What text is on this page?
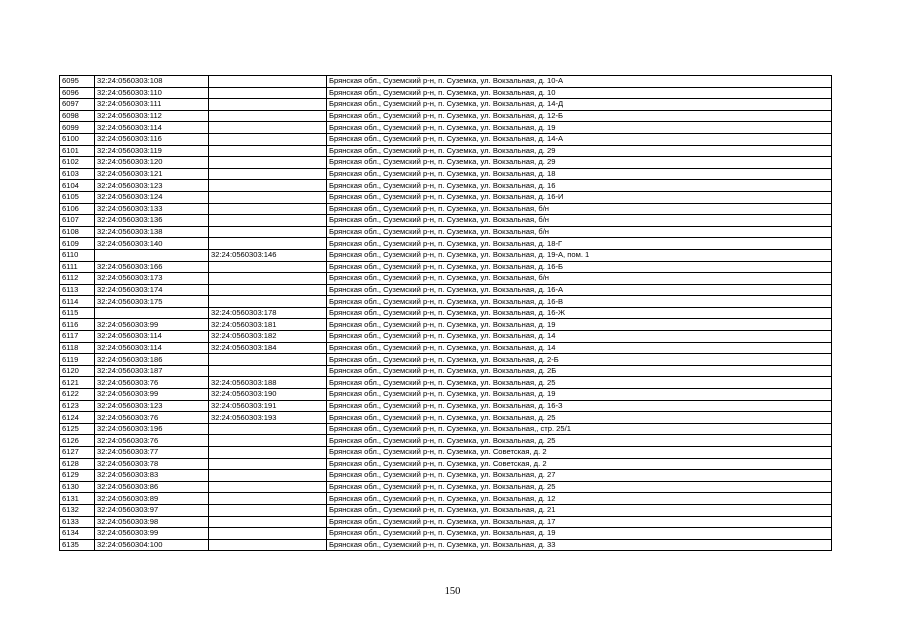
6095	32:24:0560303:108		Брянская обл., Суземский р-н, п. Суземка, ул. Вокзальная, д. 10-А
6096	32:24:0560303:110		Брянская обл., Суземский р-н, п. Суземка, ул. Вокзальная, д. 10
6097	32:24:0560303:111		Брянская обл., Суземский р-н, п. Суземка, ул. Вокзальная, д. 14-Д
6098	32:24:0560303:112		Брянская обл., Суземский р-н, п. Суземка, ул. Вокзальная, д. 12-Б
6099	32:24:0560303:114		Брянская обл., Суземский р-н, п. Суземка, ул. Вокзальная, д. 19
6100	32:24:0560303:116		Брянская обл., Суземский р-н, п. Суземка, ул. Вокзальная, д. 14-А
6101	32:24:0560303:119		Брянская обл., Суземский р-н, п. Суземка, ул. Вокзальная, д. 29
6102	32:24:0560303:120		Брянская обл., Суземский р-н, п. Суземка, ул. Вокзальная, д. 29
6103	32:24:0560303:121		Брянская обл., Суземский р-н, п. Суземка, ул. Вокзальная, д. 18
6104	32:24:0560303:123		Брянская обл., Суземский р-н, п. Суземка, ул. Вокзальная, д. 16
6105	32:24:0560303:124		Брянская обл., Суземский р-н, п. Суземка, ул. Вокзальная, д. 16-И
6106	32:24:0560303:133		Брянская обл., Суземский р-н, п. Суземка, ул. Вокзальная, б/н
6107	32:24:0560303:136		Брянская обл., Суземский р-н, п. Суземка, ул. Вокзальная, б/н
6108	32:24:0560303:138		Брянская обл., Суземский р-н, п. Суземка, ул. Вокзальная, б/н
6109	32:24:0560303:140		Брянская обл., Суземский р-н, п. Суземка, ул. Вокзальная, д. 18-Г
6110		32:24:0560303:146	Брянская обл., Суземский р-н, п. Суземка, ул. Вокзальная, д. 19-А, пом. 1
6111	32:24:0560303:166		Брянская обл., Суземский р-н, п. Суземка, ул. Вокзальная, д. 16-Б
6112	32:24:0560303:173		Брянская обл., Суземский р-н, п. Суземка, ул. Вокзальная, б/н
6113	32:24:0560303:174		Брянская обл., Суземский р-н, п. Суземка, ул. Вокзальная, д. 16-А
6114	32:24:0560303:175		Брянская обл., Суземский р-н, п. Суземка, ул. Вокзальная, д. 16-В
6115		32:24:0560303:178	Брянская обл., Суземский р-н, п. Суземка, ул. Вокзальная, д. 16-Ж
6116	32:24:0560303:99	32:24:0560303:181	Брянская обл., Суземский р-н, п. Суземка, ул. Вокзальная, д. 19
6117	32:24:0560303:114	32:24:0560303:182	Брянская обл., Суземский р-н, п. Суземка, ул. Вокзальная, д. 14
6118	32:24:0560303:114	32:24:0560303:184	Брянская обл., Суземский р-н, п. Суземка, ул. Вокзальная, д. 14
6119	32:24:0560303:186		Брянская обл., Суземский р-н, п. Суземка, ул. Вокзальная, д. 2-Б
6120	32:24:0560303:187		Брянская обл., Суземский р-н, п. Суземка, ул. Вокзальная, д. 2Б
6121	32:24:0560303:76	32:24:0560303:188	Брянская обл., Суземский р-н, п. Суземка, ул. Вокзальная, д. 25
6122	32:24:0560303:99	32:24:0560303:190	Брянская обл., Суземский р-н, п. Суземка, ул. Вокзальная, д. 19
6123	32:24:0560303:123	32:24:0560303:191	Брянская обл., Суземский р-н, п. Суземка, ул. Вокзальная, д. 16-З
6124	32:24:0560303:76	32:24:0560303:193	Брянская обл., Суземский р-н, п. Суземка, ул. Вокзальная, д. 25
6125	32:24:0560303:196		Брянская обл., Суземский р-н, п. Суземка, ул. Вокзальная,, стр. 25/1
6126	32:24:0560303:76		Брянская обл., Суземский р-н, п. Суземка, ул. Вокзальная, д. 25
6127	32:24:0560303:77		Брянская обл., Суземский р-н, п. Суземка, ул. Советская, д. 2
6128	32:24:0560303:78		Брянская обл., Суземский р-н, п. Суземка, ул. Советская, д. 2
6129	32:24:0560303:83		Брянская обл., Суземский р-н, п. Суземка, ул. Вокзальная, д. 27
6130	32:24:0560303:86		Брянская обл., Суземский р-н, п. Суземка, ул. Вокзальная, д. 25
6131	32:24:0560303:89		Брянская обл., Суземский р-н, п. Суземка, ул. Вокзальная, д. 12
6132	32:24:0560303:97		Брянская обл., Суземский р-н, п. Суземка, ул. Вокзальная, д. 21
6133	32:24:0560303:98		Брянская обл., Суземский р-н, п. Суземка, ул. Вокзальная, д. 17
6134	32:24:0560303:99		Брянская обл., Суземский р-н, п. Суземка, ул. Вокзальная, д. 19
6135	32:24:0560304:100		Брянская обл., Суземский р-н, п. Суземка, ул. Вокзальная, д. 33
150
